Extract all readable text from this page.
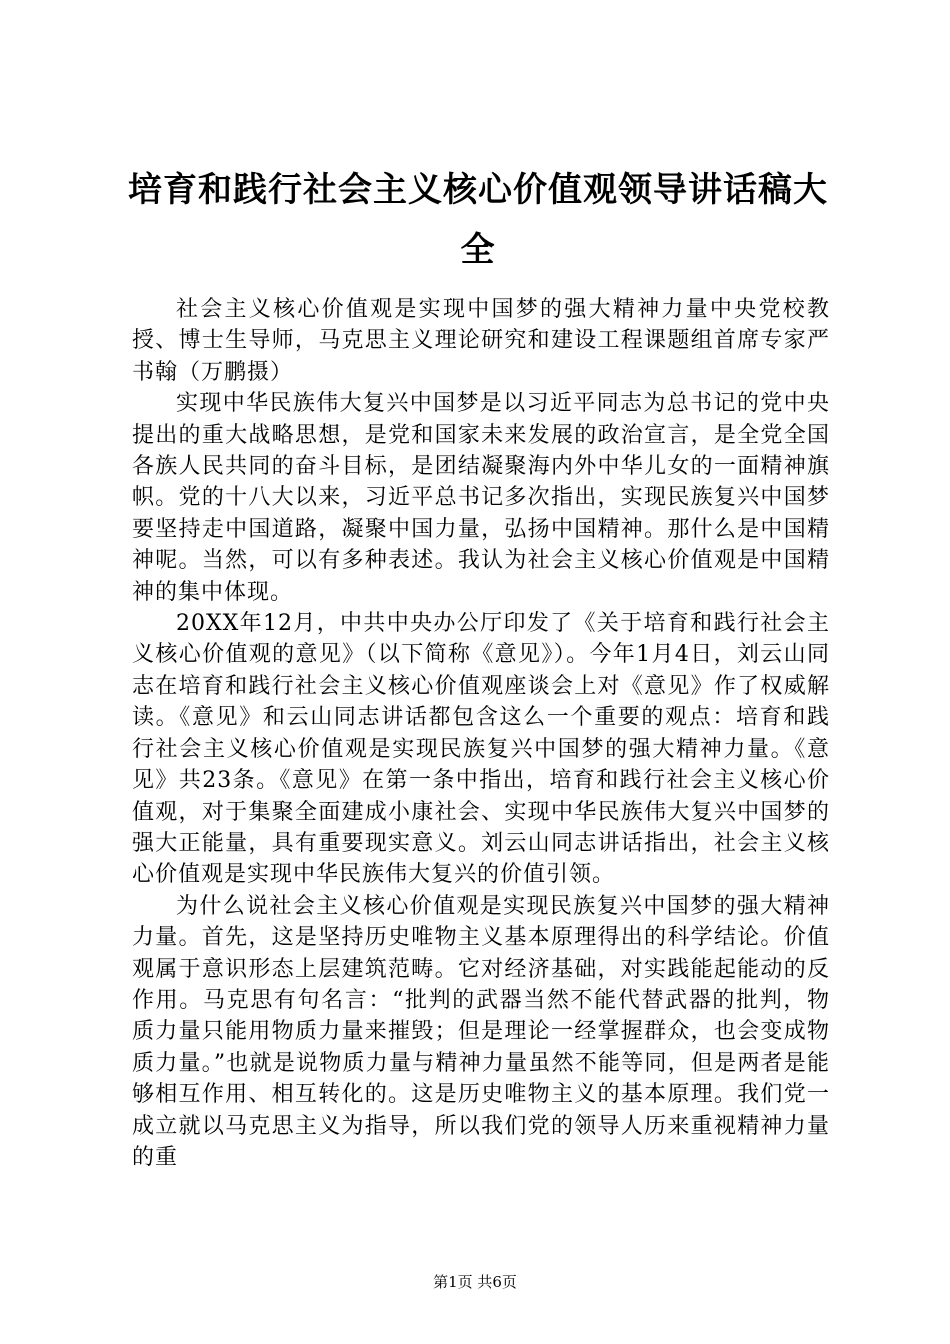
培育和践行社会主义核心价值观领导讲话稿大全

社会主义核心价值观是实现中国梦的强大精神力量中央党校教授、博士生导师，马克思主义理论研究和建设工程课题组首席专家严书翰（万鹏摄）

实现中华民族伟大复兴中国梦是以习近平同志为总书记的党中央提出的重大战略思想，是党和国家未来发展的政治宣言，是全党全国各族人民共同的奋斗目标，是团结凝聚海内外中华儿女的一面精神旗帜。党的十八大以来，习近平总书记多次指出，实现民族复兴中国梦要坚持走中国道路，凝聚中国力量，弘扬中国精神。那什么是中国精神呢。当然，可以有多种表述。我认为社会主义核心价值观是中国精神的集中体现。

20XX年12月，中共中央办公厅印发了《关于培育和践行社会主义核心价值观的意见》（以下简称《意见》）。今年1月4日，刘云山同志在培育和践行社会主义核心价值观座谈会上对《意见》作了权威解读。《意见》和云山同志讲话都包含这么一个重要的观点：培育和践行社会主义核心价值观是实现民族复兴中国梦的强大精神力量。《意见》共23条。《意见》在第一条中指出，培育和践行社会主义核心价值观，对于集聚全面建成小康社会、实现中华民族伟大复兴中国梦的强大正能量，具有重要现实意义。刘云山同志讲话指出，社会主义核心价值观是实现中华民族伟大复兴的价值引领。

为什么说社会主义核心价值观是实现民族复兴中国梦的强大精神力量。首先，这是坚持历史唯物主义基本原理得出的科学结论。价值观属于意识形态上层建筑范畴。它对经济基础，对实践能起能动的反作用。马克思有句名言：“批判的武器当然不能代替武器的批判，物质力量只能用物质力量来摧毁；但是理论一经掌握群众，也会变成物质力量。”也就是说物质力量与精神力量虽然不能等同，但是两者是能够相互作用、相互转化的。这是历史唯物主义的基本原理。我们党一成立就以马克思主义为指导，所以我们党的领导人历来重视精神力量的重

第1页 共6页
